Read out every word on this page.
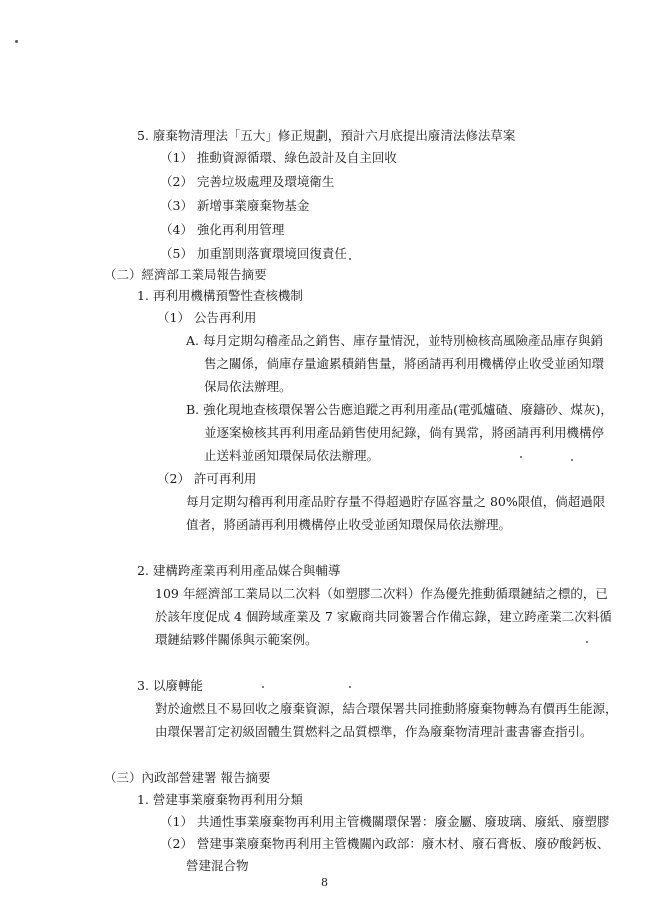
5. 廢棄物清理法「五大」修正規劃，預計六月底提出廢清法修法草案
（1） 推動資源循環、綠色設計及自主回收
（2） 完善垃圾處理及環境衛生
（3） 新增事業廢棄物基金
（4） 強化再利用管理
（5） 加重罰則落實環境回復責任
（二）經濟部工業局報告摘要
1. 再利用機構預警性查核機制
（1） 公告再利用
A. 每月定期勾稽產品之銷售、庫存量情況，並特別檢核高風險產品庫存與銷
售之關係，倘庫存量逾累積銷售量，將函請再利用機構停止收受並函知環
保局依法辦理。
B. 強化現地查核環保署公告應追蹤之再利用產品(電弧爐碴、廢鑄砂、煤灰)，
並逐案檢核其再利用產品銷售使用紀錄，倘有異常，將函請再利用機構停
止送料並函知環保局依法辦理。
（2） 許可再利用
每月定期勾稽再利用產品貯存量不得超過貯存區容量之 80%限值，倘超過限
值者，將函請再利用機構停止收受並函知環保局依法辦理。
2. 建構跨產業再利用產品媒合與輔導
109 年經濟部工業局以二次料（如塑膠二次料）作為優先推動循環鏈結之標的，已
於該年度促成 4 個跨域產業及 7 家廠商共同簽署合作備忘錄，建立跨產業二次料循
環鏈結夥伴關係與示範案例。
3. 以廢轉能
對於逾燃且不易回收之廢棄資源，結合環保署共同推動將廢棄物轉為有價再生能源，
由環保署訂定初級固體生質燃料之品質標準，作為廢棄物清理計畫書審查指引。
（三）內政部營建署 報告摘要
1. 營建事業廢棄物再利用分類
（1） 共通性事業廢棄物再利用主管機關環保署：廢金屬、廢玻璃、廢紙、廢塑膠
（2） 營建事業廢棄物再利用主管機關內政部：廢木材、廢石膏板、廢矽酸鈣板、
營建混合物
8
